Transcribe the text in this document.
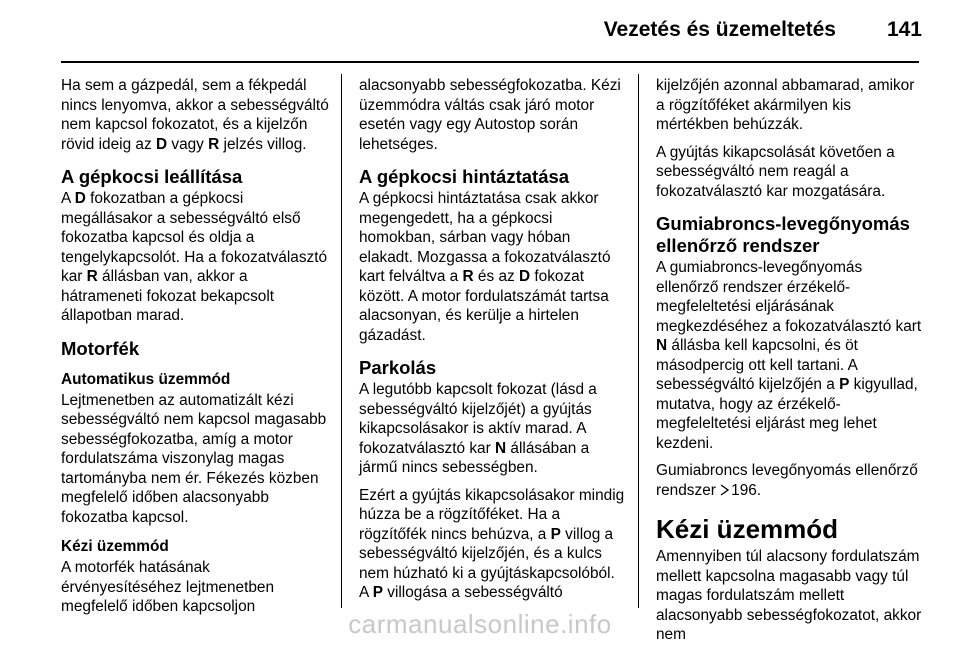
Vezetés és üzemeltetés 141

Ha sem a gázpedál, sem a fékpedál nincs lenyomva, akkor a sebességváltó nem kapcsol fokozatot, és a kijelzőn rövid ideig az D vagy R jelzés villog.

A gépkocsi leállítása

A D fokozatban a gépkocsi megállásakor a sebességváltó első fokozatba kapcsol és oldja a tengelykapcsolót. Ha a fokozatválasztó kar R állásban van, akkor a hátrameneti fokozat bekapcsolt állapotban marad.

Motorfék
Automatikus üzemmód

Lejtmenetben az automatizált kézi sebességváltó nem kapcsol magasabb sebességfokozatba, amíg a motor fordulatszáma viszonylag magas tartományba nem ér. Fékezés közben megfelelő időben alacsonyabb fokozatba kapcsol.

Kézi üzemmód

A motorfék hatásának érvényesítéséhez lejtmenetben megfelelő időben kapcsoljon

alacsonyabb sebességfokozatba. Kézi üzemmódra váltás csak járó motor esetén vagy egy Autostop során lehetséges.

A gépkocsi hintáztatása

A gépkocsi hintáztatása csak akkor megengedett, ha a gépkocsi homokban, sárban vagy hóban elakadt. Mozgassa a fokozatválasztó kart felváltva a R és az D fokozat között. A motor fordulatszámát tartsa alacsonyan, és kerülje a hirtelen gázadást.

Parkolás

A legutóbb kapcsolt fokozat (lásd a sebességváltó kijelzőjét) a gyújtás kikapcsolásakor is aktív marad. A fokozatválasztó kar N állásában a jármű nincs sebességben.

Ezért a gyújtás kikapcsolásakor mindig húzza be a rögzítőféket. Ha a rögzítőfék nincs behúzva, a P villog a sebességváltó kijelzőjén, és a kulcs nem húzható ki a gyújtáskapcsolóból. A P villogása a sebességváltó

kijelzőjén azonnal abbamarad, amikor a rögzítőféket akármilyen kis mértékben behúzzák.

A gyújtás kikapcsolását követően a sebességváltó nem reagál a fokozatválasztó kar mozgatására.

Gumiabroncs-levegőnyomás ellenőrző rendszer

A gumiabroncs-levegőnyomás ellenőrző rendszer érzékelő-megfeleltetési eljárásának megkezdéséhez a fokozatválasztó kart N állásba kell kapcsolni, és öt másodpercig ott kell tartani. A sebességváltó kijelzőjén a P kigyullad, mutatva, hogy az érzékelő-megfeleltetési eljárást meg lehet kezdeni.

Gumiabroncs levegőnyomás ellenőrző rendszer
196.

Kézi üzemmód

Amennyiben túl alacsony fordulatszám mellett kapcsolna magasabb vagy túl magas fordulatszám mellett alacsonyabb sebességfokozatot, akkor nem

carmanualsonline.info
